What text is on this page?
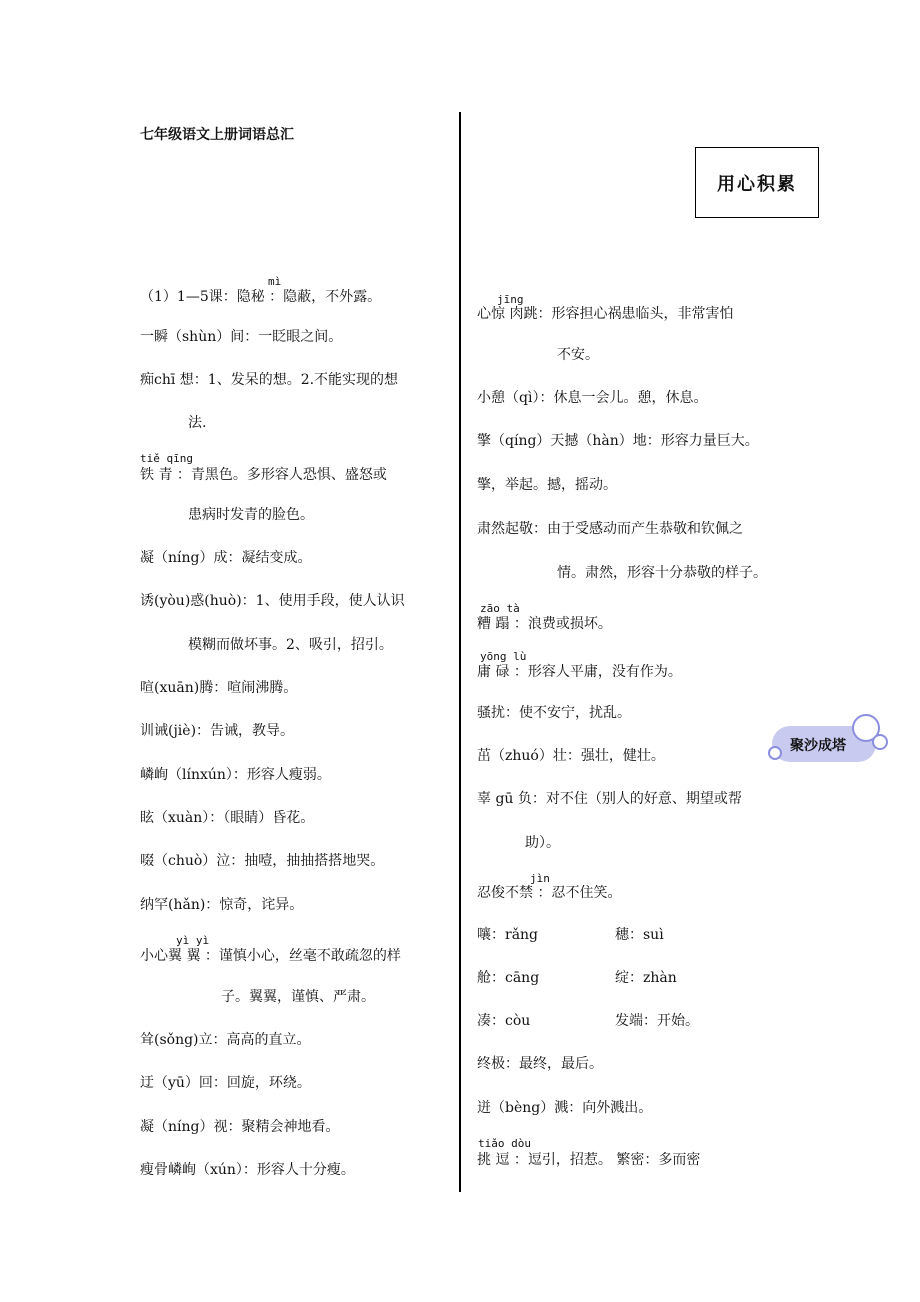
七年级语文上册词语总汇
用心积累
mì
（1）1—5课：隐秘 ：隐蔽，不外露。
一瞬（shùn）间：一眨眼之间。
痴chī 想：1、发呆的想。2.不能实现的想
法.
tiě qīng
铁 青 ：青黑色。多形容人恐惧、盛怒或
患病时发青的脸色。
凝（níng）成：凝结变成。
诱(yòu)惑(huò)：1、使用手段，使人认识
模糊而做坏事。2、吸引，招引。
喧(xuān)腾：喧闹沸腾。
训诫(jiè)：告诫，教导。
嶙峋（línxún）：形容人瘦弱。
眩（xuàn）：（眼睛）昏花。
啜（chuò）泣：抽噎，抽抽搭搭地哭。
纳罕(hǎn)：惊奇，诧异。
yì yì
小心翼 翼 ：谨慎小心，丝毫不敢疏忽的样
子。翼翼，谨慎、严肃。
耸(sǒng)立：高高的直立。
迂（yū）回：回旋，环绕。
凝（níng）视：聚精会神地看。
瘦骨嶙峋（xún）：形容人十分瘦。
jīng
心惊 肉跳：形容担心祸患临头，非常害怕
不安。
小憩（qì）：休息一会儿。憩，休息。
擎（qíng）天撼（hàn）地：形容力量巨大。
擎，举起。撼，摇动。
肃然起敬：由于受感动而产生恭敬和钦佩之
情。肃然，形容十分恭敬的样子。
zāo tà
糟 蹋 ：浪费或损坏。
yōng lù
庸 碌 ：形容人平庸，没有作为。
骚扰：使不安宁，扰乱。
茁（zhuó）壮：强壮，健壮。
辜 gū 负：对不住（别人的好意、期望或帮
助）。
jìn
忍俊不禁 ：忍不住笑。
嚷：rǎng	穗：suì
舱：cāng	绽：zhàn
凑：còu	发端：开始。
终极：最终，最后。
迸（bèng）溅：向外溅出。
tiǎo dòu
挑 逗 ：逗引，招惹。 繁密：多而密
聚沙成塔
